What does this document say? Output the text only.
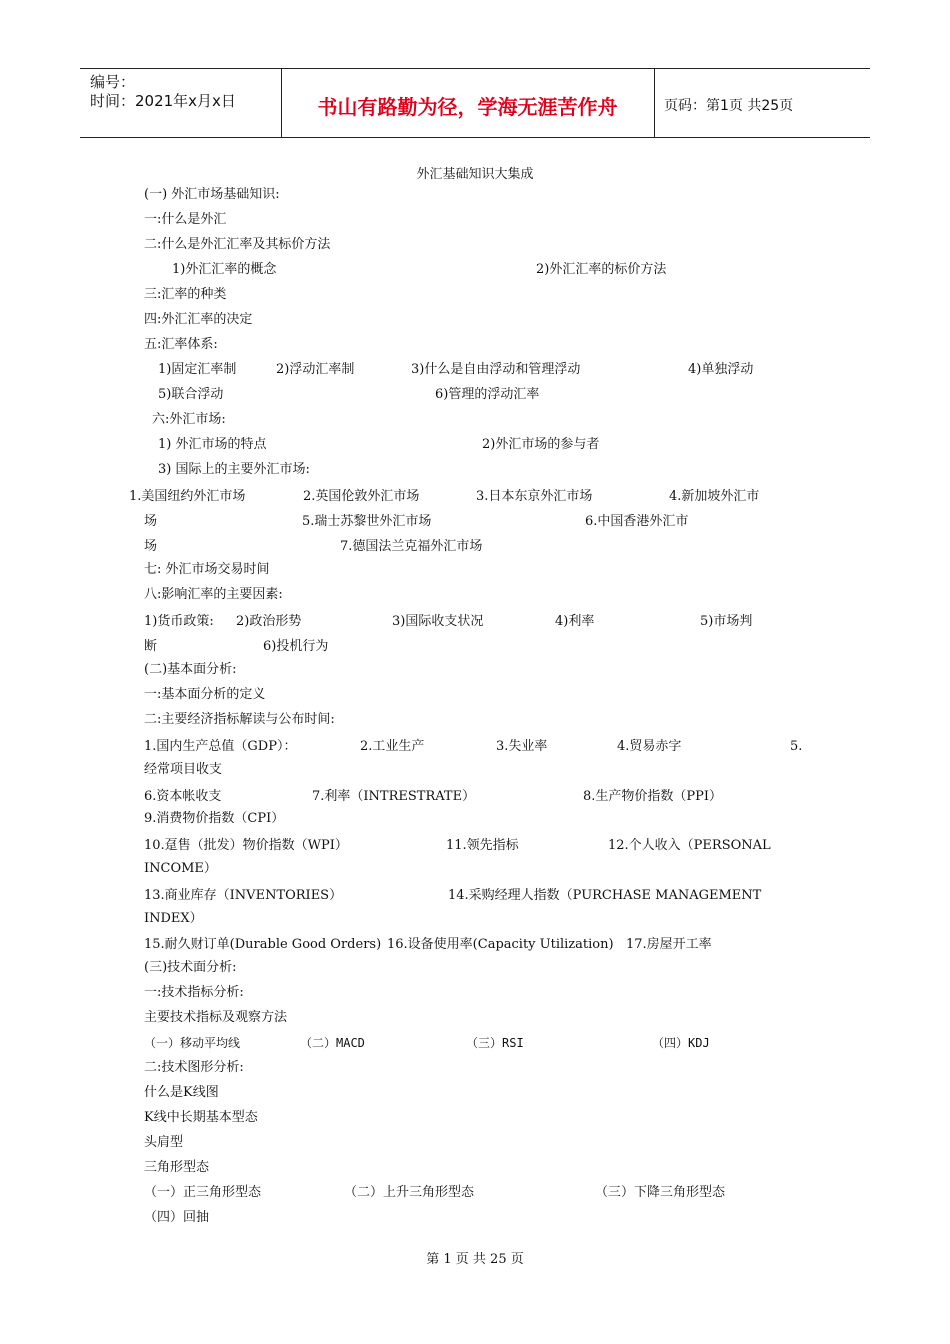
编号：
时间：2021年x月x日	书山有路勤为径，学海无涯苦作舟	页码：第1页 共25页
外汇基础知识大集成
(一) 外汇市场基础知识:
一:什么是外汇
二:什么是外汇汇率及其标价方法
1)外汇汇率的概念	2)外汇汇率的标价方法
三:汇率的种类
四:外汇汇率的决定
五:汇率体系:
1)固定汇率制	2)浮动汇率制	3)什么是自由浮动和管理浮动	4)单独浮动
5)联合浮动	6)管理的浮动汇率
六:外汇市场:
1) 外汇市场的特点	2)外汇市场的参与者
3) 国际上的主要外汇市场:
1.美国纽约外汇市场	2.英国伦敦外汇市场	3.日本东京外汇市场	4.新加坡外汇市
场	5.瑞士苏黎世外汇市场	6.中国香港外汇市
场	7.德国法兰克福外汇市场
七: 外汇市场交易时间
八:影响汇率的主要因素:
1)货币政策: 2)政治形势	3)国际收支状况	4)利率	5)市场判
断	6)投机行为
(二)基本面分析:
一:基本面分析的定义
二:主要经济指标解读与公布时间:
1.国内生产总值（GDP）：	2.工业生产	3.失业率	4.贸易赤字	5.
经常项目收支
6.资本帐收支	7.利率（INTRESTRATE）	8.生产物价指数（PPI）
9.消费物价指数（CPI）
10.趸售（批发）物价指数（WPI）	11.领先指标	12.个人收入（PERSONAL
INCOME）
13.商业库存（INVENTORIES）	14.采购经理人指数（PURCHASE MANAGEMENT
INDEX）
15.耐久财订单(Durable Good Orders) 16.设备使用率(Capacity Utilization) 17.房屋开工率
(三)技术面分析:
一:技术指标分析:
主要技术指标及观察方法
（一）移动平均线	（二）MACD	（三）RSI	（四）KDJ
二:技术图形分析:
什么是K线图
K线中长期基本型态
头肩型
三角形型态
（一）正三角形型态	（二）上升三角形型态	（三）下降三角形型态
（四）回抽
第 1 页 共 25 页
